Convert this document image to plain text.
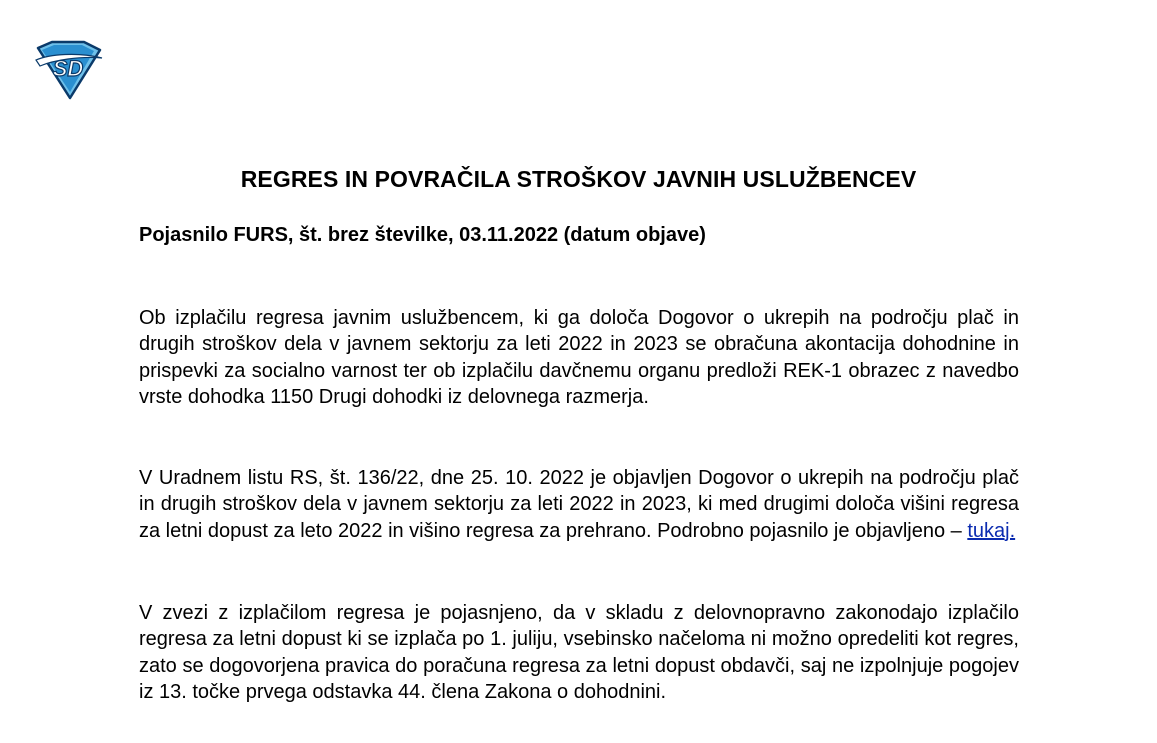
SD
REGRES IN POVRAČILA STROŠKOV JAVNIH USLUŽBENCEV

Pojasnilo FURS, št. brez številke, 03.11.2022 (datum objave)

Ob izplačilu regresa javnim uslužbencem, ki ga določa Dogovor o ukrepih na področju plač in drugih stroškov dela v javnem sektorju za leti 2022 in 2023 se obračuna akontacija dohodnine in prispevki za socialno varnost ter ob izplačilu davčnemu organu predloži REK-1 obrazec z navedbo vrste dohodka 1150 Drugi dohodki iz delovnega razmerja.

V Uradnem listu RS, št. 136/22, dne 25. 10. 2022 je objavljen Dogovor o ukrepih na področju plač in drugih stroškov dela v javnem sektorju za leti 2022 in 2023, ki med drugimi določa višini regresa za letni dopust za leto 2022 in višino regresa za prehrano. Podrobno pojasnilo je objavljeno – tukaj.

V zvezi z izplačilom regresa je pojasnjeno, da v skladu z delovnopravno zakonodajo izplačilo regresa za letni dopust ki se izplača po 1. juliju, vsebinsko načeloma ni možno opredeliti kot regres, zato se dogovorjena pravica do poračuna regresa za letni dopust obdavči, saj ne izpolnjuje pogojev iz 13. točke prvega odstavka 44. člena Zakona o dohodnini.
